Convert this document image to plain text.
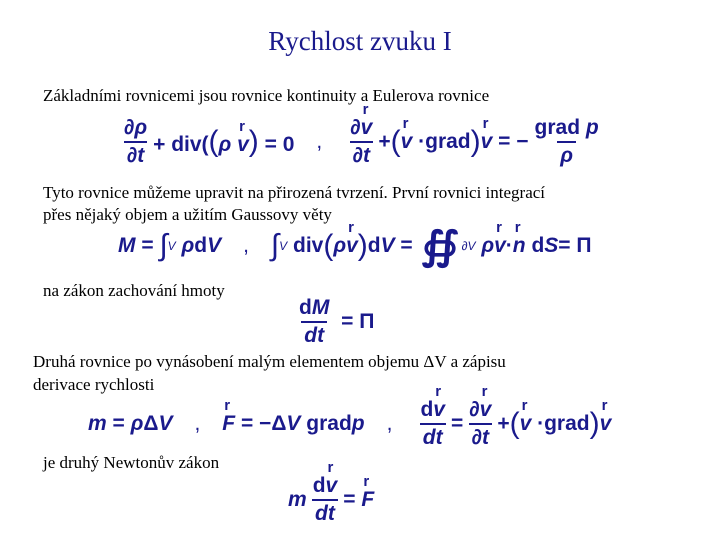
Rychlost zvuku I
Základními rovnicemi jsou rovnice kontinuity a Eulerova rovnice
$\frac{\partial\rho}{\partial t} + div((\rho$ r v) = 0 , $\frac{\text{∂r v}}{\partial t}$ + ( r v ·grad ) r v = − $\frac{\text{grad p}}{\rho}$
Tyto rovnice můžeme upravit na přirozená tvrzení. První rovnici integrací
přes nějaký objem a užitím Gaussovy věty
M = ∫ V
ρ d V , ∫ V div ( ρ r v ) d V = ∯ ∂V
ρ r v · r n d S = Π
na zákon zachování hmoty
$\frac{dM}{dt} = \Pi$
Druhá rovnice po vynásobení malým elementem objemu ΔV a zápisu
derivace rychlosti
m = ρ Δ V , r F = −Δ V grad p , $\frac{\text{dr v}}{dt} = \frac{\text{∂r v}}{\partial t}$ + ( r v ·grad ) r v
je druhý Newtonův zákon
m $\frac{\text{dr v}}{dt} = r$ F
